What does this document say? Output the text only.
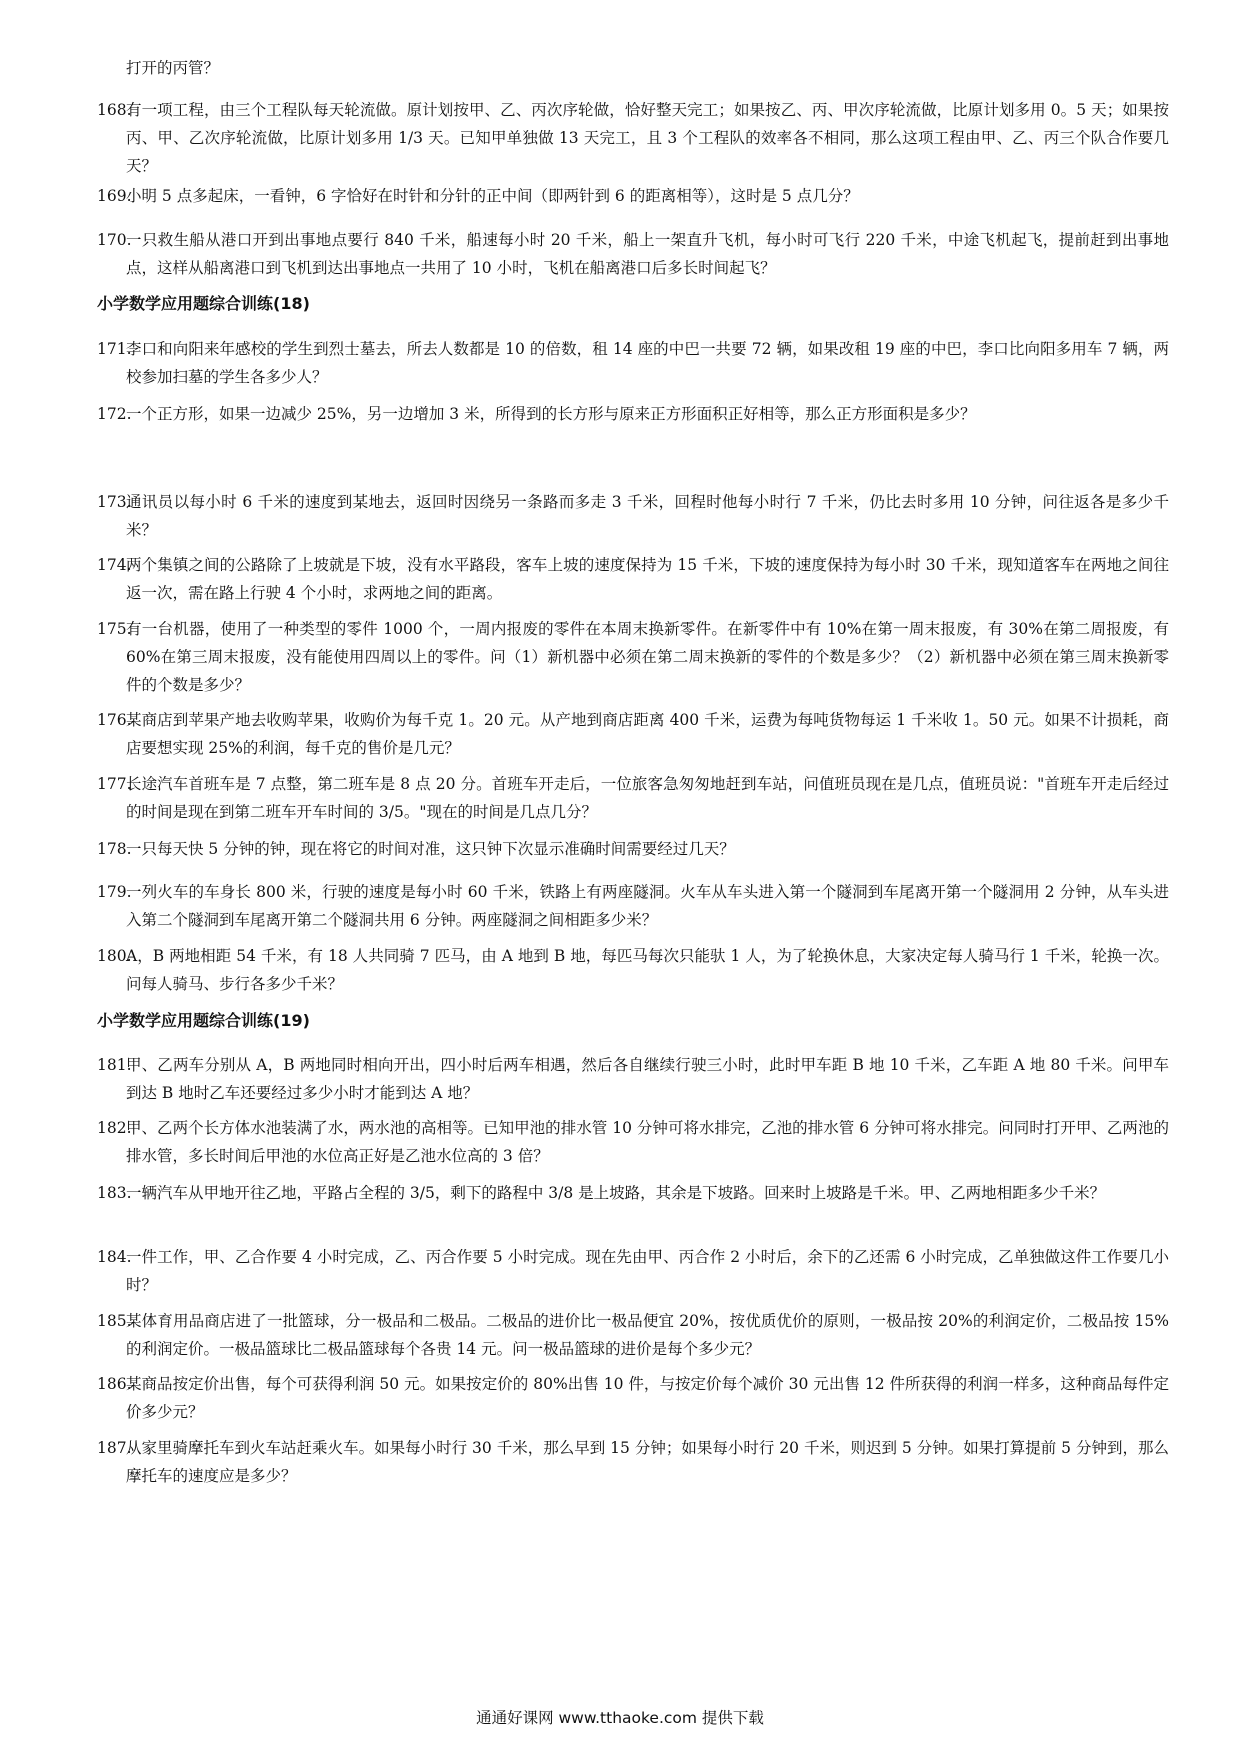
打开的丙管？
168.
有一项工程，由三个工程队每天轮流做。原计划按甲、乙、丙次序轮做，恰好整天完工；如果按乙、丙、甲次序轮流做，比原计划多用 0。5 天；如果按丙、甲、乙次序轮流做，比原计划多用 1/3 天。已知甲单独做 13 天完工，且 3 个工程队的效率各不相同，那么这项工程由甲、乙、丙三个队合作要几天？
169.
小明 5 点多起床，一看钟，6 字恰好在时针和分针的正中间（即两针到 6 的距离相等），这时是 5 点几分？
170.
一只救生船从港口开到出事地点要行 840 千米，船速每小时 20 千米，船上一架直升飞机，每小时可飞行 220 千米，中途飞机起飞，提前赶到出事地点，这样从船离港口到飞机到达出事地点一共用了 10 小时，飞机在船离港口后多长时间起飞？
小学数学应用题综合训练(18)
171.
李口和向阳来年感校的学生到烈士墓去，所去人数都是 10 的倍数，租 14 座的中巴一共要 72 辆，如果改租 19 座的中巴，李口比向阳多用车 7 辆，两校参加扫墓的学生各多少人？
172.
一个正方形，如果一边减少 25%，另一边增加 3 米，所得到的长方形与原来正方形面积正好相等，那么正方形面积是多少？
173.
通讯员以每小时 6 千米的速度到某地去，返回时因绕另一条路而多走 3 千米，回程时他每小时行 7 千米，仍比去时多用 10 分钟，问往返各是多少千米？
174.
两个集镇之间的公路除了上坡就是下坡，没有水平路段，客车上坡的速度保持为 15 千米，下坡的速度保持为每小时 30 千米，现知道客车在两地之间往返一次，需在路上行驶 4 个小时，求两地之间的距离。
175.
有一台机器，使用了一种类型的零件 1000 个，一周内报废的零件在本周末换新零件。在新零件中有 10%在第一周末报废，有 30%在第二周报废，有 60%在第三周末报废，没有能使用四周以上的零件。问（1）新机器中必须在第二周末换新的零件的个数是多少？（2）新机器中必须在第三周末换新零件的个数是多少？
176.
某商店到苹果产地去收购苹果，收购价为每千克 1。20 元。从产地到商店距离 400 千米，运费为每吨货物每运 1 千米收 1。50 元。如果不计损耗，商店要想实现 25%的利润，每千克的售价是几元？
177.
长途汽车首班车是 7 点整，第二班车是 8 点 20 分。首班车开走后，一位旅客急匆匆地赶到车站，问值班员现在是几点，值班员说："首班车开走后经过的时间是现在到第二班车开车时间的 3/5。"现在的时间是几点几分？
178.
一只每天快 5 分钟的钟，现在将它的时间对准，这只钟下次显示准确时间需要经过几天？
179.
一列火车的车身长 800 米，行驶的速度是每小时 60 千米，铁路上有两座隧洞。火车从车头进入第一个隧洞到车尾离开第一个隧洞用 2 分钟，从车头进入第二个隧洞到车尾离开第二个隧洞共用 6 分钟。两座隧洞之间相距多少米？
180.
A，B 两地相距 54 千米，有 18 人共同骑 7 匹马，由 A 地到 B 地，每匹马每次只能驮 1 人，为了轮换休息，大家决定每人骑马行 1 千米，轮换一次。问每人骑马、步行各多少千米？
小学数学应用题综合训练(19)
181.
甲、乙两车分别从 A，B 两地同时相向开出，四小时后两车相遇，然后各自继续行驶三小时，此时甲车距 B 地 10 千米，乙车距 A 地 80 千米。问甲车到达 B 地时乙车还要经过多少小时才能到达 A 地？
182.
甲、乙两个长方体水池装满了水，两水池的高相等。已知甲池的排水管 10 分钟可将水排完，乙池的排水管 6 分钟可将水排完。问同时打开甲、乙两池的排水管，多长时间后甲池的水位高正好是乙池水位高的 3 倍？
183.
一辆汽车从甲地开往乙地，平路占全程的 3/5，剩下的路程中 3/8 是上坡路，其余是下坡路。回来时上坡路是千米。甲、乙两地相距多少千米？
184.
一件工作，甲、乙合作要 4 小时完成，乙、丙合作要 5 小时完成。现在先由甲、丙合作 2 小时后，余下的乙还需 6 小时完成，乙单独做这件工作要几小时？
185.
某体育用品商店进了一批篮球，分一极品和二极品。二极品的进价比一极品便宜 20%，按优质优价的原则，一极品按 20%的利润定价，二极品按 15%的利润定价。一极品篮球比二极品篮球每个各贵 14 元。问一极品篮球的进价是每个多少元？
186.
某商品按定价出售，每个可获得利润 50 元。如果按定价的 80%出售 10 件，与按定价每个减价 30 元出售 12 件所获得的利润一样多，这种商品每件定价多少元？
187.
从家里骑摩托车到火车站赶乘火车。如果每小时行 30 千米，那么早到 15 分钟；如果每小时行 20 千米，则迟到 5 分钟。如果打算提前 5 分钟到，那么摩托车的速度应是多少？
通通好课网 www.tthaoke.com 提供下载
